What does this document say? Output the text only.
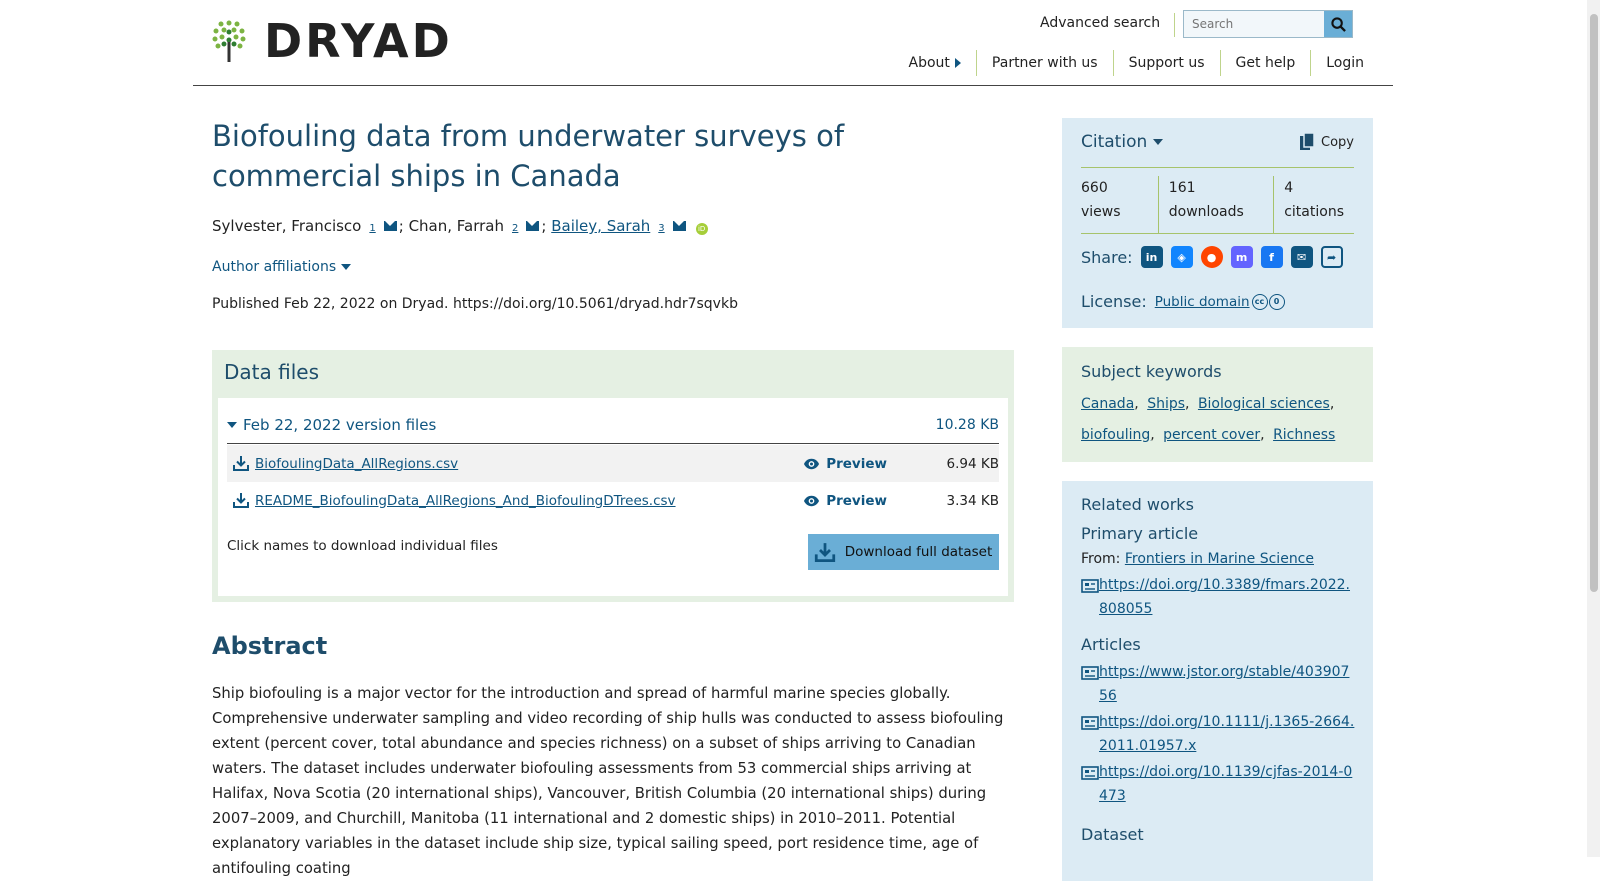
DRYAD	Advanced search
Search
About	Partner with us Support us Get help Login
Biofouling data from underwater surveys of commercial ships in Canada
Sylvester, Francisco 1 ;
Chan, Farrah 2 ;
Bailey, Sarah 3	iD
Author affiliations
Published Feb 22, 2022 on Dryad. https://doi.org/10.5061/dryad.hdr7sqvkb
Data files
Feb 22, 2022 version files	10.28 KB
BiofoulingData_AllRegions.csv	Preview	6.94 KB
README_BiofoulingData_AllRegions_And_BiofoulingDTrees.csv	Preview	3.34 KB
Click names to download individual files	Download full dataset
Abstract

Ship biofouling is a major vector for the introduction and spread of harmful marine species globally. Comprehensive underwater sampling and video recording of ship hulls was conducted to assess biofouling extent (percent cover, total abundance and species richness) on a subset of ships arriving to Canadian waters. The dataset includes underwater biofouling assessments from 53 commercial ships arriving at Halifax, Nova Scotia (20 international ships), Vancouver, British Columbia (20 international ships) during 2007–2009, and Churchill, Manitoba (11 international and 2 domestic ships) in 2010–2011. Potential explanatory variables in the dataset include ship size, typical sailing speed, port residence time, age of antifouling coating

Citation	Copy
660
views
161
downloads
4
citations
Share:	in	◈	●	m	f	✉	➦
License: Public domain cc	0
Subject keywords
Canada, Ships, Biological sciences, biofouling, percent cover, Richness
Related works
Primary article
From: Frontiers in Marine Science
https://doi.org/10.3389/fmars.2022.808055
Articles
https://www.jstor.org/stable/40390756
https://doi.org/10.1111/j.1365-2664.2011.01957.x
https://doi.org/10.1139/cjfas-2014-0473
Dataset
